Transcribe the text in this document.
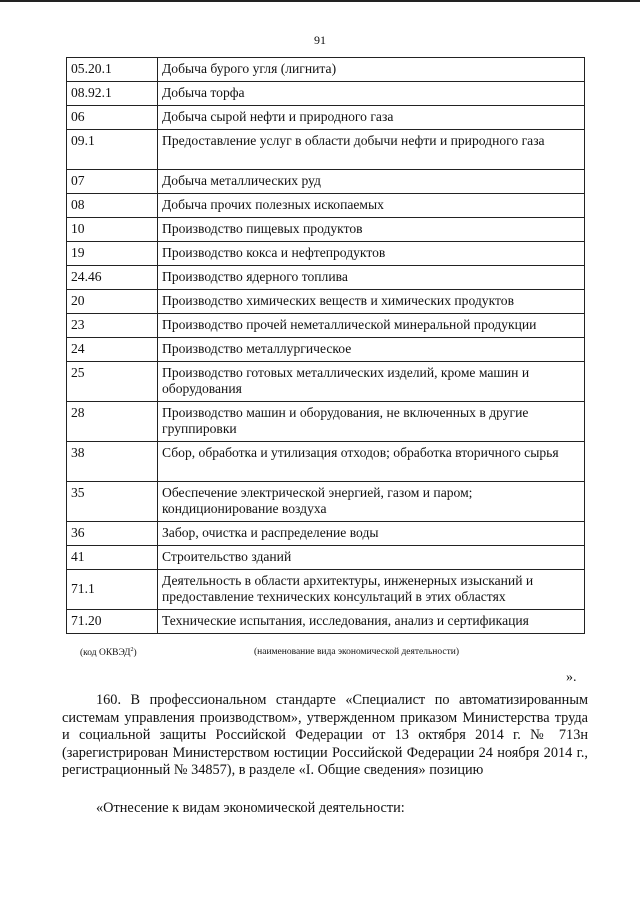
91
05.20.1	Добыча бурого угля (лигнита)
08.92.1	Добыча торфа
06	Добыча сырой нефти и природного газа
09.1	Предоставление услуг в области добычи нефти и природного газа
07	Добыча металлических руд
08	Добыча прочих полезных ископаемых
10	Производство пищевых продуктов
19	Производство кокса и нефтепродуктов
24.46	Производство ядерного топлива
20	Производство химических веществ и химических продуктов
23	Производство прочей неметаллической минеральной продукции
24	Производство металлургическое
25	Производство готовых металлических изделий, кроме машин и оборудования
28	Производство машин и оборудования, не включенных в другие группировки
38	Сбор, обработка и утилизация отходов; обработка вторичного сырья
35	Обеспечение электрической энергией, газом и паром; кондиционирование воздуха
36	Забор, очистка и распределение воды
41	Строительство зданий
71.1	Деятельность в области архитектуры, инженерных изысканий и предоставление технических консультаций в этих областях
71.20	Технические испытания, исследования, анализ и сертификация
(код ОКВЭД$^2$)	(наименование вида экономической деятельности)
».
160. В профессиональном стандарте «Специалист по автоматизированным системам управления производством», утвержденном приказом Министерства труда и социальной защиты Российской Федерации от 13 октября 2014 г. № 713н (зарегистрирован Министерством юстиции Российской Федерации 24 ноября 2014 г., регистрационный № 34857), в разделе «I. Общие сведения» позицию
«Отнесение к видам экономической деятельности:
